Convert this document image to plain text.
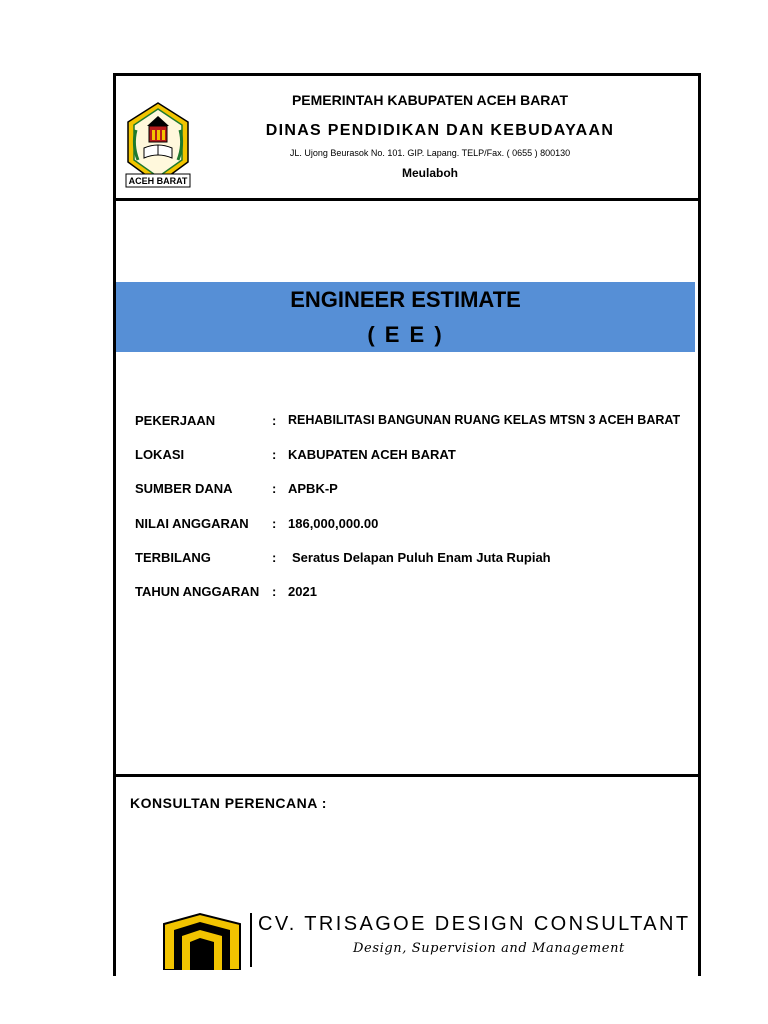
ACEH BARAT
PEMERINTAH KABUPATEN ACEH BARAT
DINAS PENDIDIKAN DAN KEBUDAYAAN
JL. Ujong Beurasok No. 101. GIP. Lapang. TELP/Fax. ( 0655 ) 800130
Meulaboh
ENGINEER ESTIMATE
( E E )
PEKERJAAN	: REHABILITASI BANGUNAN RUANG KELAS MTSN 3 ACEH BARAT
LOKASI	: KABUPATEN ACEH BARAT
SUMBER DANA	: APBK-P
NILAI ANGGARAN : 186,000,000.00
TERBILANG	: Seratus Delapan Puluh Enam Juta Rupiah
TAHUN ANGGARAN : 2021
KONSULTAN PERENCANA :
CV. TRISAGOE DESIGN CONSULTANT
Design, Supervision and Management
